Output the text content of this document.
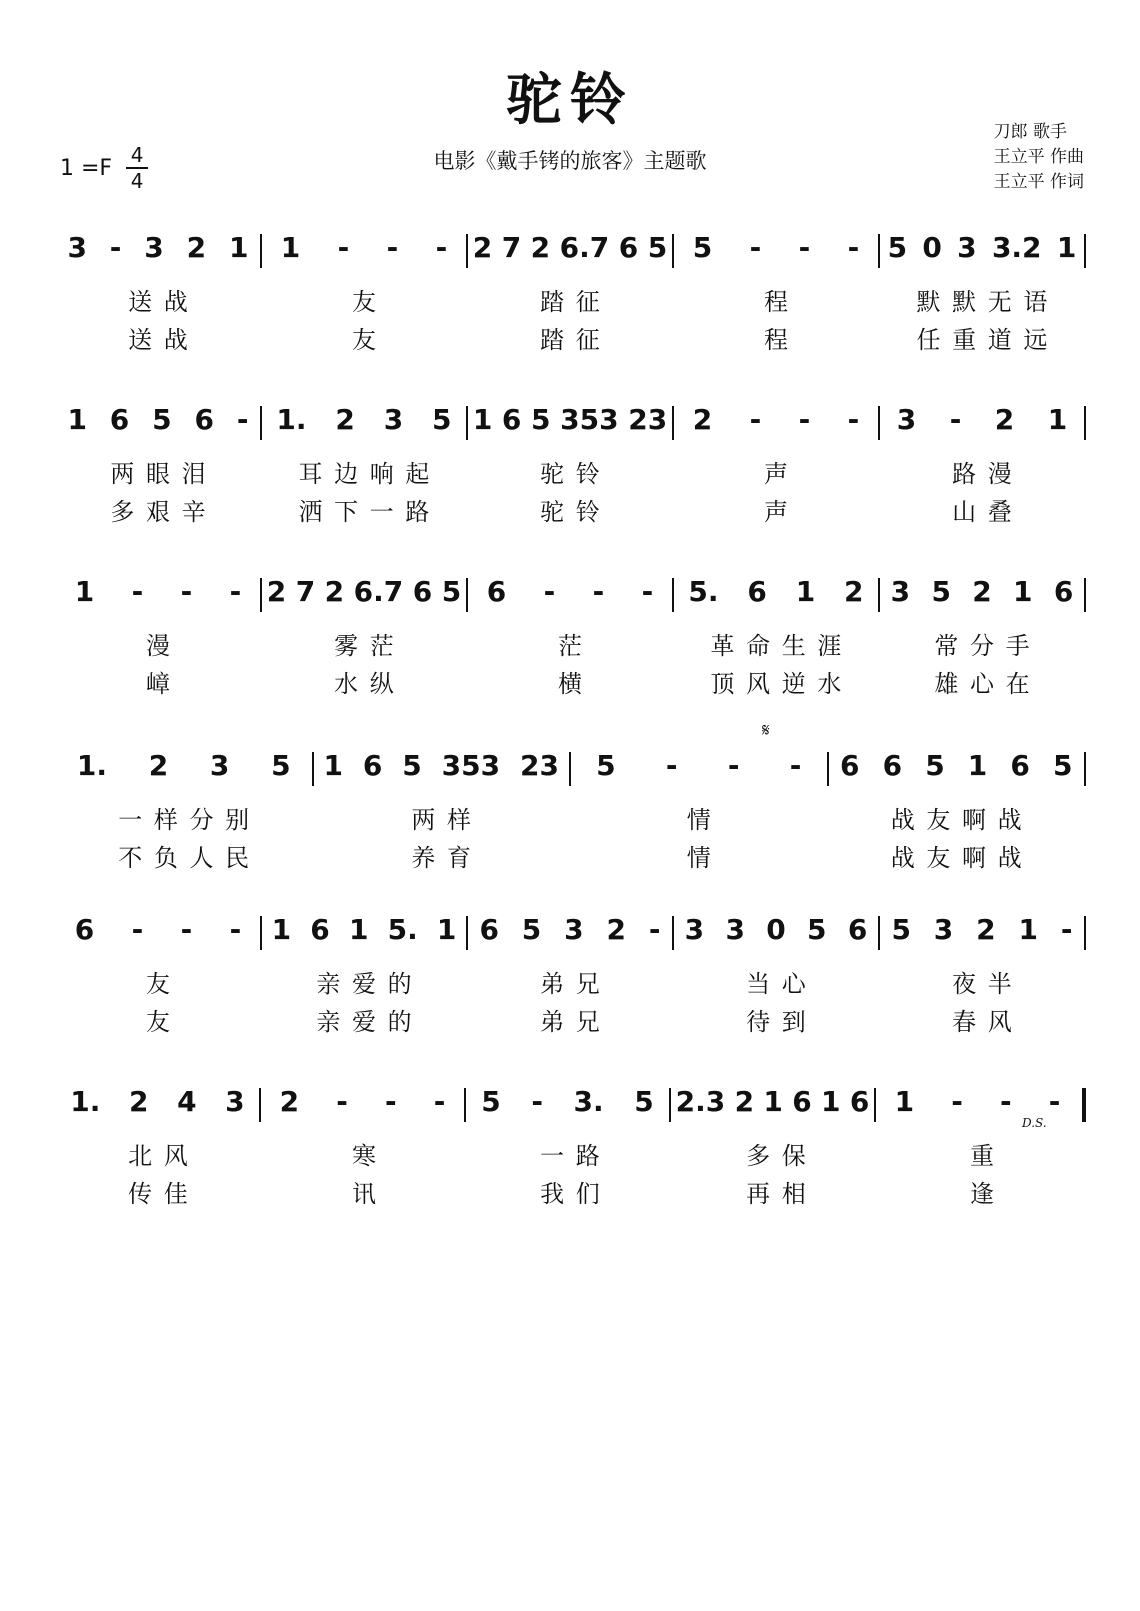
驼铃
1 =F
4
4
电影《戴手铐的旅客》主题歌
刀郎 歌手
王立平 作曲
王立平 作词
3 - 3 2 1 1 - - - 2 7 2 6.7 6 5 5 - - - 5 0 3 3.2 1
送 战	友	踏 征	程	默 默 无 语
送 战	友	踏 征	程	任 重 道 远
1 6 5 6 - 1. 2 3 5 1 6 5 353 23 2 - - - 3 - 2 1
两 眼 泪	耳 边 响 起	驼 铃	声	路 漫
多 艰 辛	洒 下 一 路	驼 铃	声	山 叠
1 - - - 2 7 2 6.7 6 5 6 - - - 5. 6 1 2 3 5 2 1 6
漫	雾 茫	茫	革 命 生 涯	常 分 手
嶂	水 纵	横	顶 风 逆 水	雄 心 在
1. 2 3 5 1 6 5 353 23 5 - - - 6 6 5 1 6 5
一 样 分 别	两 样	情	战 友 啊 战
不 负 人 民	养 育	情	战 友 啊 战
6 - - - 1 6 1 5. 1 6 5 3 2 - 3 3 0 5 6 5 3 2 1 -
友	亲 爱 的	弟 兄	当 心	夜 半
友	亲 爱 的	弟 兄	待 到	春 风
1. 2 4 3 2 - - - 5 - 3. 5 2.3 2 1 6 1 6 1 - - -
北 风	寒	一 路	多 保	重
传 佳	讯	我 们	再 相	逢
𝄋
D.S.
